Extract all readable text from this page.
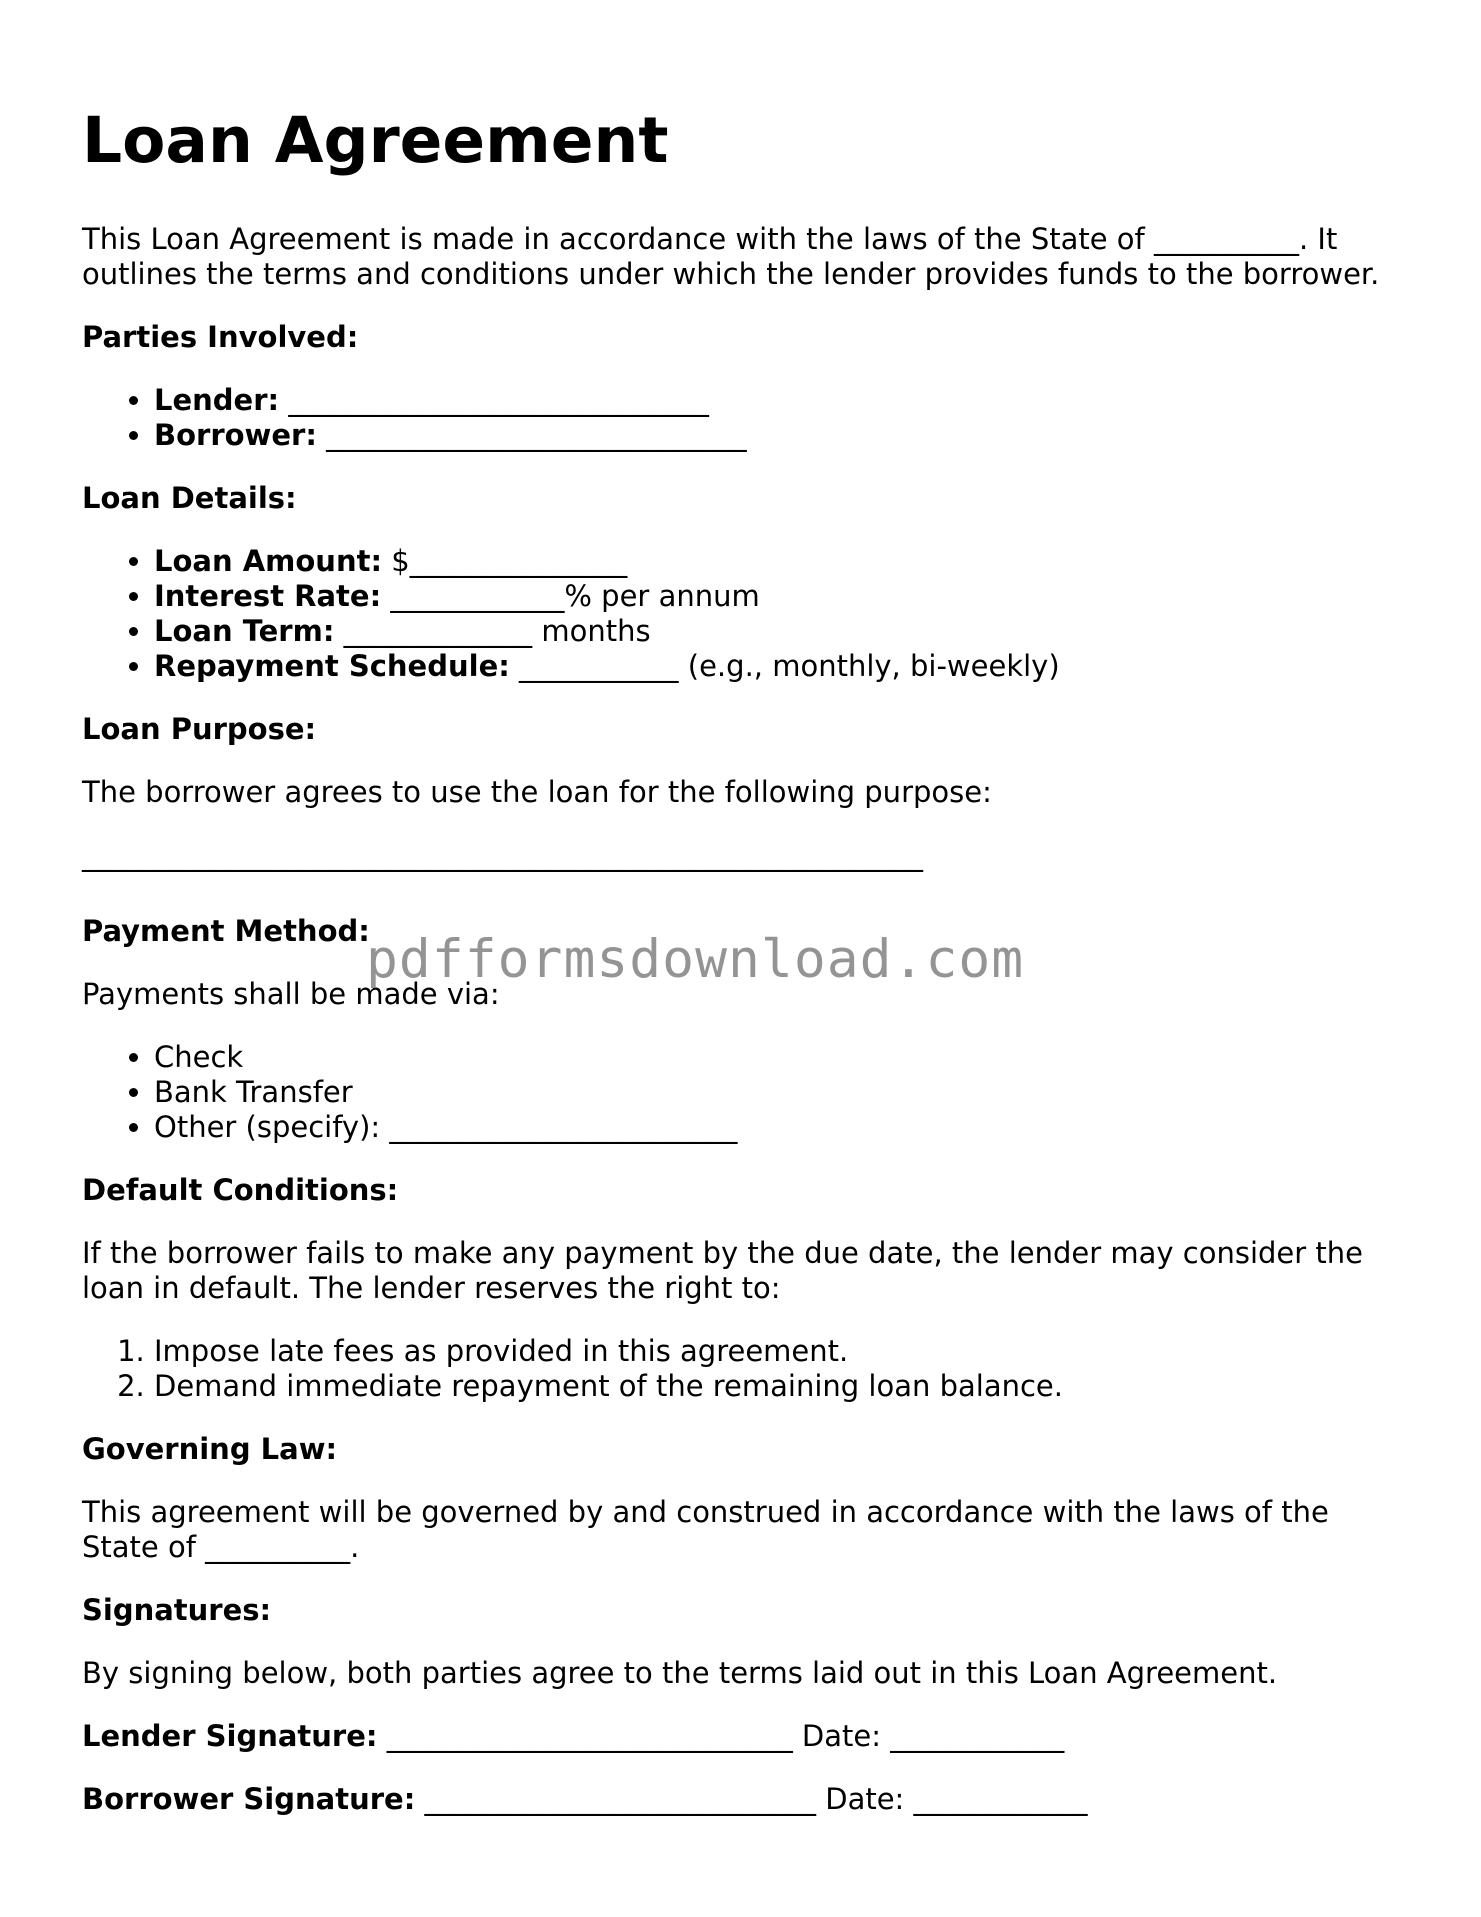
Loan Agreement

This Loan Agreement is made in accordance with the laws of the State of __________. It outlines the terms and conditions under which the lender provides funds to the borrower.

Parties Involved:
• Lender: _____________________________
• Borrower: _____________________________
Loan Details:
• Loan Amount: $_______________
• Interest Rate: ____________% per annum
• Loan Term: _____________ months
• Repayment Schedule: ___________ (e.g., monthly, bi-weekly)
Loan Purpose:

The borrower agrees to use the loan for the following purpose:

__________________________________________________________
Payment Method:

Payments shall be made via:

• Check
• Bank Transfer
• Other (specify): ________________________
Default Conditions:

If the borrower fails to make any payment by the due date, the lender may consider the loan in default. The lender reserves the right to:

1. Impose late fees as provided in this agreement.
2. Demand immediate repayment of the remaining loan balance.
Governing Law:

This agreement will be governed by and construed in accordance with the laws of the State of __________.

Signatures:

By signing below, both parties agree to the terms laid out in this Loan Agreement.

Lender Signature: ____________________________ Date: ____________
Borrower Signature: ___________________________ Date: ____________
pdfformsdownload.com
